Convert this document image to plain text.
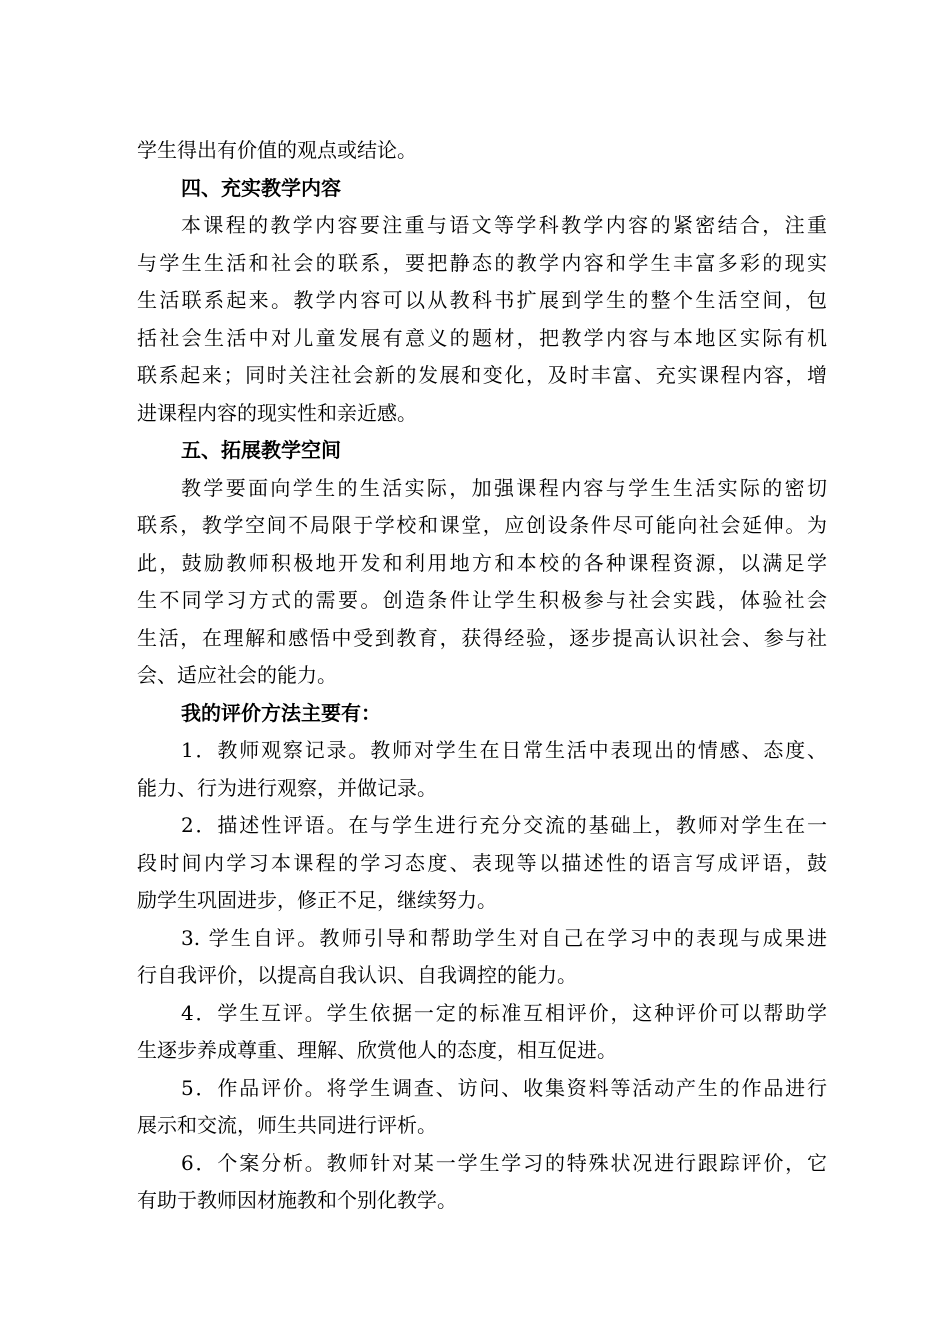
学生得出有价值的观点或结论。
四、充实教学内容
本课程的教学内容要注重与语文等学科教学内容的紧密结合，注重
与学生生活和社会的联系，要把静态的教学内容和学生丰富多彩的现实
生活联系起来。教学内容可以从教科书扩展到学生的整个生活空间，包
括社会生活中对儿童发展有意义的题材，把教学内容与本地区实际有机
联系起来；同时关注社会新的发展和变化，及时丰富、充实课程内容，增
进课程内容的现实性和亲近感。
五、拓展教学空间
教学要面向学生的生活实际，加强课程内容与学生生活实际的密切
联系，教学空间不局限于学校和课堂，应创设条件尽可能向社会延伸。为
此，鼓励教师积极地开发和利用地方和本校的各种课程资源，以满足学
生不同学习方式的需要。创造条件让学生积极参与社会实践，体验社会
生活，在理解和感悟中受到教育，获得经验，逐步提高认识社会、参与社
会、适应社会的能力。
我的评价方法主要有：
1．教师观察记录。教师对学生在日常生活中表现出的情感、态度、
能力、行为进行观察，并做记录。
2．描述性评语。在与学生进行充分交流的基础上，教师对学生在一
段时间内学习本课程的学习态度、表现等以描述性的语言写成评语，鼓
励学生巩固进步，修正不足，继续努力。
3. 学生自评。教师引导和帮助学生对自己在学习中的表现与成果进
行自我评价，以提高自我认识、自我调控的能力。
4．学生互评。学生依据一定的标准互相评价，这种评价可以帮助学
生逐步养成尊重、理解、欣赏他人的态度，相互促进。
5．作品评价。将学生调查、访问、收集资料等活动产生的作品进行
展示和交流，师生共同进行评析。
6．个案分析。教师针对某一学生学习的特殊状况进行跟踪评价，它
有助于教师因材施教和个别化教学。
